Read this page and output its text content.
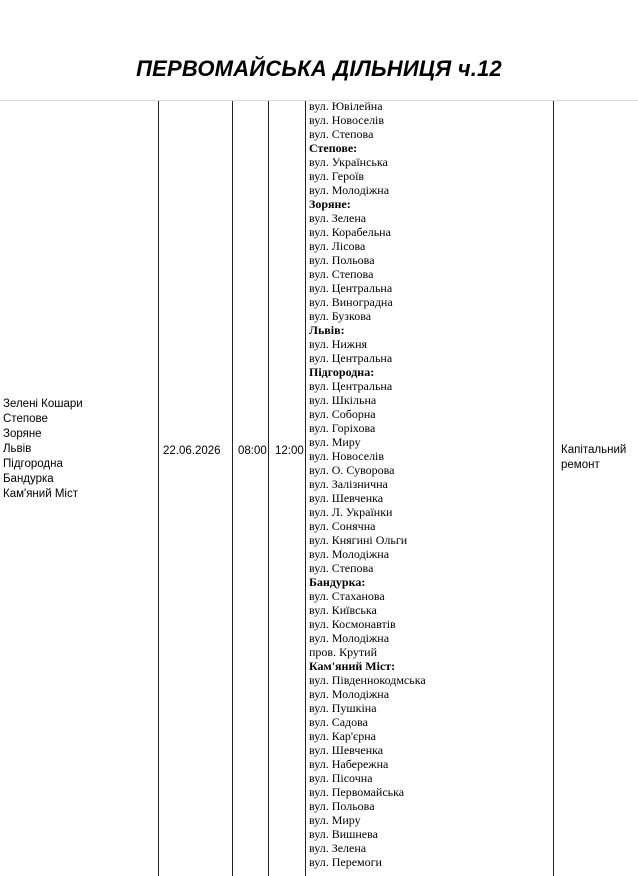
ПЕРВОМАЙСЬКА ДІЛЬНИЦЯ ч.12
Зелені Кошари
Степове
Зоряне
Львів
Підгородна
Бандурка
Кам'яний Міст
22.06.2026 08:00 12:00
вул. Ювілейна
вул. Новоселів
вул. Степова
Степове:
вул. Українська
вул. Героїв
вул. Молодіжна
Зоряне:
вул. Зелена
вул. Корабельна
вул. Лісова
вул. Польова
вул. Степова
вул. Центральна
вул. Виноградна
вул. Бузкова
Львів:
вул. Нижня
вул. Центральна
Підгородна:
вул. Центральна
вул. Шкільна
вул. Соборна
вул. Горіхова
вул. Миру
вул. Новоселів
вул. О. Суворова
вул. Залізнична
вул. Шевченка
вул. Л. Українки
вул. Сонячна
вул. Княгині Ольги
вул. Молодіжна
вул. Степова
Бандурка:
вул. Стаханова
вул. Київська
вул. Космонавтів
вул. Молодіжна
пров. Крутий
Кам'яний Міст:
вул. Південнокодмська
вул. Молодіжна
вул. Пушкіна
вул. Садова
вул. Кар'єрна
вул. Шевченка
вул. Набережна
вул. Пісочна
вул. Первомайська
вул. Польова
вул. Миру
вул. Вишнева
вул. Зелена
вул. Перемоги
Капітальний ремонт
